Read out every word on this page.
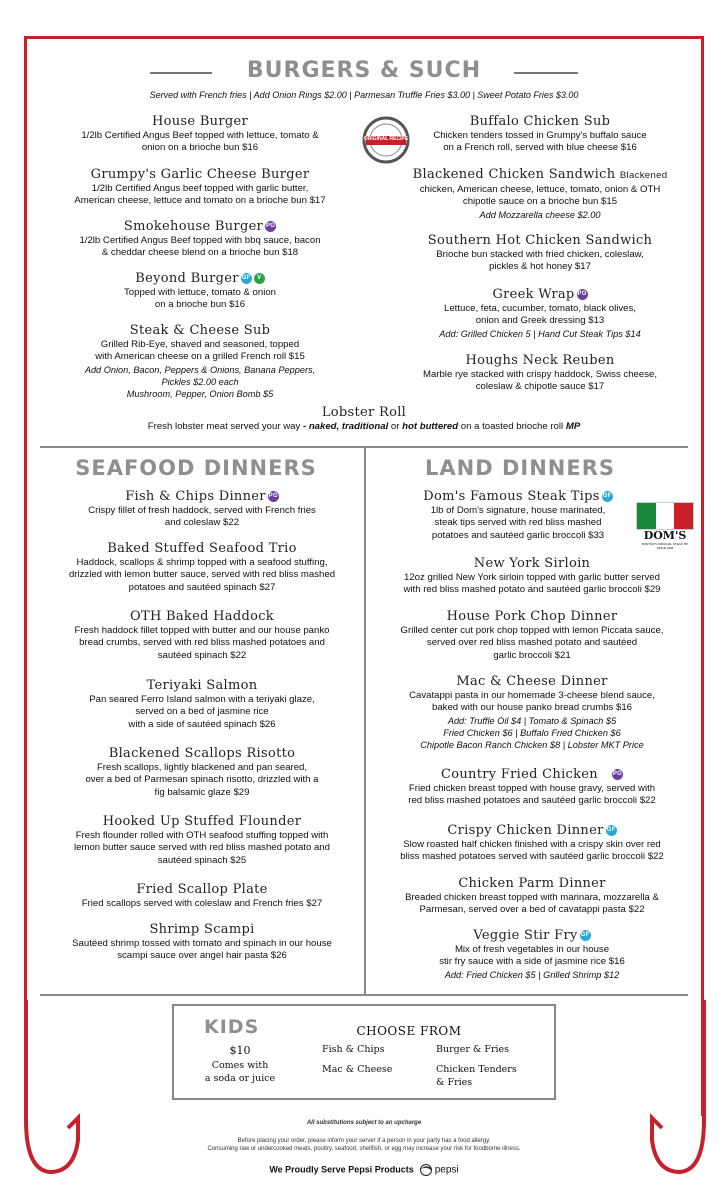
BURGERS & SUCH
Served with French fries | Add Onion Rings $2.00 | Parmesan Truffle Fries $3.00 | Sweet Potato Fries $3.00
House Burger
1/2lb Certified Angus Beef topped with lettuce, tomato &
onion on a brioche bun $16
Grumpy's Garlic Cheese Burger
1/2lb Certified Angus beef topped with garlic butter,
American cheese, lettuce and tomato on a brioche bun $17
Smokehouse Burger PG
1/2lb Certified Angus Beef topped with bbq sauce, bacon
& cheddar cheese blend on a brioche bun $18
Beyond Burger GF V
Topped with lettuce, tomato & onion
on a brioche bun $16
Steak & Cheese Sub
Grilled Rib-Eye, shaved and seasoned, topped
with American cheese on a grilled French roll $15
Add Onion, Bacon, Peppers & Onions, Banana Peppers,
Pickles $2.00 each
Mushroom, Pepper, Onion Bomb $5
ORIGINAL RECIPE
Buffalo Chicken Sub
Chicken tenders tossed in Grumpy's buffalo sauce
on a French roll, served with blue cheese $16
Blackened Chicken Sandwich Blackened
chicken, American cheese, lettuce, tomato, onion & OTH
chipotle sauce on a brioche bun $15
Add Mozzarella cheese $2.00
Southern Hot Chicken Sandwich
Brioche bun stacked with fried chicken, coleslaw,
pickles & hot honey $17
Greek Wrap PG
Lettuce, feta, cucumber, tomato, black olives,
onion and Greek dressing $13
Add: Grilled Chicken 5 | Hand Cut Steak Tips $14
Houghs Neck Reuben
Marble rye stacked with crispy haddock, Swiss cheese,
coleslaw & chipotle sauce $17
Lobster Roll
Fresh lobster meat served your way - naked, traditional or hot buttered on a toasted brioche roll MP
SEAFOOD DINNERS
Fish & Chips Dinner PG
Crispy fillet of fresh haddock, served with French fries
and coleslaw $22
Baked Stuffed Seafood Trio
Haddock, scallops & shrimp topped with a seafood stuffing,
drizzled with lemon butter sauce, served with red bliss mashed
potatoes and sautéed spinach $27
OTH Baked Haddock
Fresh haddock fillet topped with butter and our house panko
bread crumbs, served with red bliss mashed potatoes and
sautéed spinach $22
Teriyaki Salmon
Pan seared Ferro Island salmon with a teriyaki glaze,
served on a bed of jasmine rice
with a side of sautéed spinach $26
Blackened Scallops Risotto
Fresh scallops, lightly blackened and pan seared,
over a bed of Parmesan spinach risotto, drizzled with a
fig balsamic glaze $29
Hooked Up Stuffed Flounder
Fresh flounder rolled with OTH seafood stuffing topped with
lemon butter sauce served with red bliss mashed potato and
sautéed spinach $25
Fried Scallop Plate
Fried scallops served with coleslaw and French fries $27
Shrimp Scampi
Sautéed shrimp tossed with tomato and spinach in our house
scampi sauce over angel hair pasta $26
LAND DINNERS
DOM'S
BOSTON'S ORIGINAL STEAK TIP
SINCE 1966
Dom's Famous Steak Tips GF
1lb of Dom's signature, house marinated,
steak tips served with red bliss mashed
potatoes and sautéed garlic broccoli $33
New York Sirloin
12oz grilled New York sirloin topped with garlic butter served
with red bliss mashed potato and sautéed garlic broccoli $29
House Pork Chop Dinner
Grilled center cut pork chop topped with lemon Piccata sauce,
served over red bliss mashed potato and sautéed
garlic broccoli $21
Mac & Cheese Dinner
Cavatappi pasta in our homemade 3-cheese blend sauce,
baked with our house panko bread crumbs $16
Add: Truffle Oil $4 | Tomato & Spinach $5
Fried Chicken $6 | Buffalo Fried Chicken $6
Chipotle Bacon Ranch Chicken $8 | Lobster MKT Price
Country Fried Chicken PG
Fried chicken breast topped with house gravy, served with
red bliss mashed potatoes and sautéed garlic broccoli $22
Crispy Chicken Dinner GF
Slow roasted half chicken finished with a crispy skin over red
bliss mashed potatoes served with sautéed garlic broccoli $22
Chicken Parm Dinner
Breaded chicken breast topped with marinara, mozzarella &
Parmesan, served over a bed of cavatappi pasta $22
Veggie Stir Fry GF
Mix of fresh vegetables in our house
stir fry sauce with a side of jasmine rice $16
Add: Fried Chicken $5 | Grilled Shrimp $12
KIDS
$10
Comes with
a soda or juice
CHOOSE FROM
Fish & Chips
Mac & Cheese
Burger & Fries
Chicken Tenders
& Fries
All substitutions subject to an upcharge
Before placing your order, please inform your server if a person in your party has a food allergy.
Consuming raw or undercooked meats, poultry, seafood, shellfish, or egg may increase your risk for foodborne illness.
We Proudly Serve Pepsi Products pepsi
